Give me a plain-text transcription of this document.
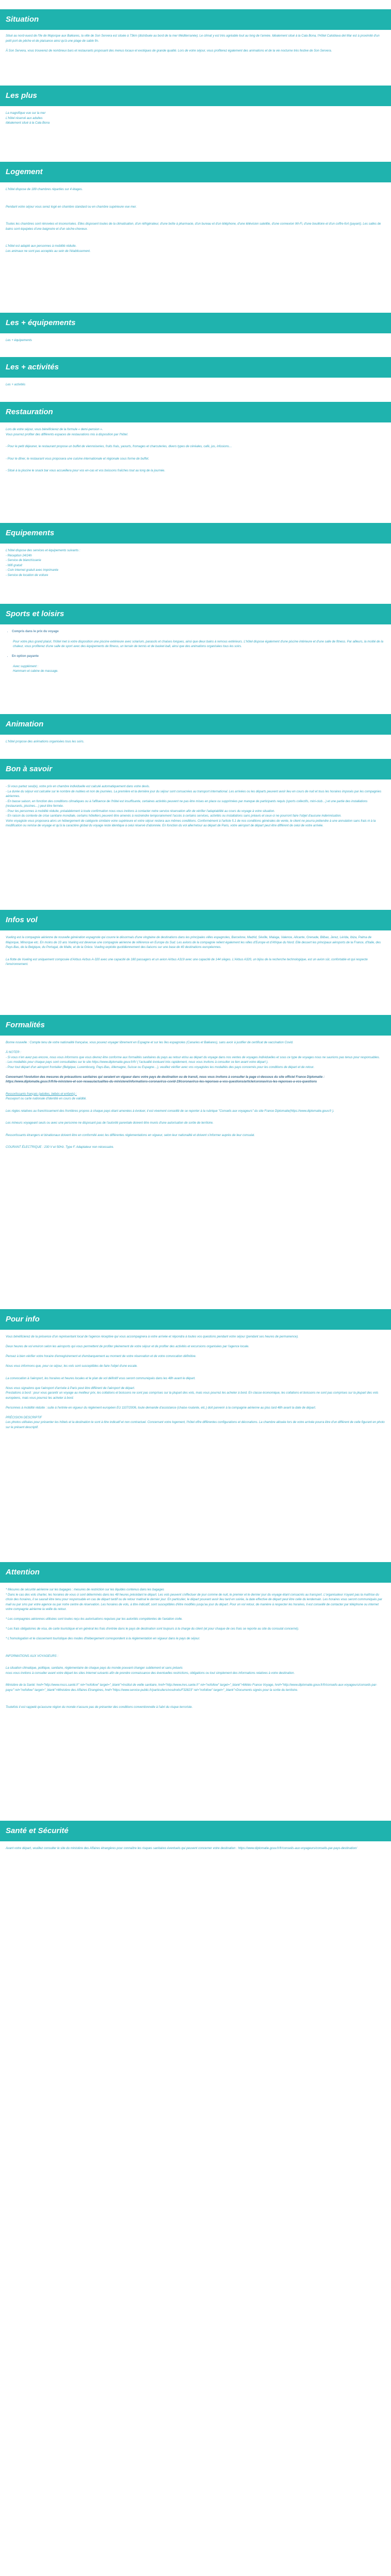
Situation

Situé au nord-ouest de l'île de Majorque aux Baléares, la ville de Son Servera est située à 73km (distribuée au bord de la mer Méditerranée). Le climat y est très agréable tout au long de l'année. Idéalement situé à la Cala Bona, l'Hôtel Caloblava del Mar est à proximité d'un petit port de pêche et de plaisance ainsi qu'à une plage de sable fin.

À Son Servera, vous trouverez de nombreux bars et restaurants proposant des menus locaux et exotiques de grande qualité. Lors de votre séjour, vous profiterez également des animations et de la vie nocturne très festive de Son Servera.

Les plus

La magnifique vue sur la mer

L'hôtel réservé aux adultes

Idéalement situé à la Cala Bona

Logement

L'hôtel dispose de 189 chambres réparties sur 4 étages.

Pendant votre séjour vous serez logé en chambre standard ou en chambre supérieure vue mer.

Toutes les chambres sont rénovées et insonorisées. Elles disposent toutes de la climatisation, d'un réfrigérateur, d'une boîte à pharmacie, d'un bureau et d'un téléphone, d'une télévision satellite, d'une connexion Wi-Fi, d'une bouilloire et d'un coffre-fort (payant). Les salles de bains sont équipées d'une baignoire et d'un sèche-cheveux.

L'hôtel est adapté aux personnes à mobilité réduite.

Les animaux ne sont pas acceptés au sein de l'établissement.

Les + équipements

Les + équipements

Les + activités

Les + activités

Restauration

Lors de votre séjour, vous bénéficierez de la formule « demi-pension ».

Vous pourrez profiter des différents espaces de restaurations mis à disposition par l'hôtel.

- Pour le petit déjeuner, le restaurant propose un buffet de viennoiseries, fruits frais, yaourts, fromages et charcuteries, divers types de céréales, café, jus, infusions…

- Pour le dîner, le restaurant vous proposera une cuisine internationale et régionale sous forme de buffet.

- Situé à la piscine le snack bar vous accueillera pour vos en-cas et vos boissons fraîches tout au long de la journée.

Equipements

L'hôtel dispose des services et équipements suivants :

- Réception 24/24h

- Service de blanchisserie

- Wifi gratuit

- Coin Internet gratuit avec imprimante

- Service de location de voiture

Sports et loisirs
• Compris dans le prix du voyage

Pour votre plus grand plaisir, l'hôtel met à votre disposition une piscine extérieure avec solarium, parasols et chaises longues, ainsi que deux bains à remous extérieurs. L'hôtel dispose également d'une piscine intérieure et d'une salle de fitness. Par ailleurs, la moitié de la chaleur, vous profiterez d'une salle de sport avec des équipements de fitness, un terrain de tennis et de basket-ball, ainsi que des animations organisées tous les soirs.

• En option payante

Avec supplément :

Hammam et cabine de massage.

Animation

L'hôtel propose des animations organisées tous les soirs.

Bon à savoir

- Si vous partez seul(e), votre prix en chambre individuelle est calculé automatiquement dans votre devis.

- La durée du séjour est calculée sur le nombre de nuitées et non de journées. La première et la dernière jour du séjour sont consacrées au transport international. Les arrivées ou les départs peuvent avoir lieu en cours de nuit et tous les horaires imposés par les compagnies aériennes.

- En basse saison, en fonction des conditions climatiques ou à l'affluence de l'hôtel est insuffisante, certaines activités peuvent ne pas être mises en place ou supprimées par manque de participants requis (sports collectifs, mini-club…) et une partie des installations (restaurants, piscines…) peut être fermée.

- Pour les personnes à mobilité réduite, préalablement à toute confirmation nous vous invitons à contacter notre service réservation afin de vérifier l'adaptabilité au cours du voyage à votre situation.

- En raison du contexte de crise sanitaire mondiale, certains hôtelliers peuvent être amenés à restreindre temporairement l'accès à certains services, activités ou installations sans préavis et ceux-ci ne pourront faire l'objet d'aucune indemnisation.

Votre voyagiste vous proposera alors un hébergement de catégorie similaire voire supérieure et votre séjour restera aux mêmes conditions. Conformément à l'article 5.1 de nos conditions générales de vente, le client ne pourra prétendre à une annulation sans frais ni à la modification ou remise de voyage et qu'à la caractère global du voyage reste identique à celui réservé d'abonnée. En fonction du vol aller/retour au départ de Paris, votre aéroport de départ peut être différent de celui de votre arrivée.

Infos vol

Vueling est la compagnie aérienne de nouvelle génération espagnole qui couvre le désormais d'une vingtaine de destinations dans les principales villes espagnoles, Barcelone, Madrid, Séville, Malaga, Valence, Alicante, Grenade, Bilbao, Jerez, Lérida, Ibiza, Palma de Majorque, Minorque etc. En moins de 10 ans Vueling est devenue une compagnie aérienne de référence en Europe du Sud. Les avions de la compagnie relient également les villes d'Europe et d'Afrique du Nord. Elle dessert les principaux aéroports de la France, d'Italie, des Pays-Bas, de la Belgique, du Portugal, de Malte, et de la Grèce. Vueling exploite quotidiennement des liaisons sur une base de 40 destinations européennes.

La flotte de Vueling est uniquement composée d'Airbus Airbus A-320 avec une capacité de 180 passagers et un avion Airbus A319 avec une capacité de 144 sièges. L'Airbus A320, un bijou de la recherche technologique, est un avion sûr, confortable et qui respecte l'environnement.

Formalités

Bonne nouvelle : Compte tenu de votre nationalité française, vous pouvez voyager librement en Espagne et sur les îles espagnoles (Canaries et Baléares), sans avoir à justifier de certificat de vaccination Covid.

À NOTER :

- Si vous n'en avez pas encore, nous vous informons que vous devrez être conforme aux formalités sanitaires du pays au retour et/ou au départ du voyage dans nos ventes de voyages individuelles et sous ce type de voyages nous ne saurions pas tenus pour responsables.

- Les modalités pour chaque pays sont consultables sur le site https://www.diplomatie.gouv.fr/fr/ ( l'actualité évoluant très rapidement, nous vous invitons à consulter ce lien avant votre départ ).

- Pour tout départ d'un aéroport frontalier (Belgique, Luxembourg, Pays-Bas, Allemagne, Suisse ou Espagne…), veuillez vérifier avec vos voyagistes les modalités des pays concernés pour les conditions de départ et de retour.

Concernant l'évolution des mesures de précautions sanitaires qui seraient en vigueur dans votre pays de destination ou de transit, nous vous invitons à consulter la page ci-dessous du site officiel France Diplomatie :

https://www.diplomatie.gouv.fr/fr/le-ministere-et-son-reseau/actualites-du-ministere/informations-coronavirus-covid-19/coronavirus-les-reponses-a-vos-questions/article/coronavirus-les-reponses-a-vos-questions

Ressortissants français (adultes, bébés et enfants) :

Passeport ou carte nationale d'identité en cours de validité.

Les règles relatives au franchissement des frontières propres à chaque pays étant amenées à évoluer, il est vivement conseillé de se reporter à la rubrique "Conseils aux voyageurs" du site France Diplomatie(https://www.diplomatie.gouv.fr ).

Les mineurs voyageant seuls ou avec une personne ne disposant pas de l'autorité parentale doivent être munis d'une autorisation de sortie de territoire.

Ressortissants étrangers et binationaux doivent être en conformité avec les différentes réglementations en vigueur, selon leur nationalité et doivent s'informer auprès de leur consulat.

COURANT ÉLECTRIQUE : 230 V et 50Hz. Type F. Adaptateur non nécessaire.

Pour info

Vous bénéficierez de la présence d'un représentant local de l'agence réceptive qui vous accompagnera à votre arrivée et répondra à toutes vos questions pendant votre séjour (pendant ses heures de permanence).

Deux heures de vol environ selon les aéroports qui vous permettent de profiter pleinement de votre séjour et de profiter des activités et excursions organisées par l'agence locale.

Pensez à bien vérifier votre horaire d'enregistrement et d'embarquement au moment de votre réservation et de votre convocation définitive.

Nous vous informons que, pour ce séjour, les vols sont susceptibles de faire l'objet d'une escale.

La convocation à l'aéroport, les horaires et heures locales et le plan de vol définitif vous seront communiqués dans les 48h avant le départ.

Nous vous signalons que l'aéroport d'arrivée à Paris peut être différent de l'aéroport de départ.

Prestations à bord : pour vous garantir un voyage au meilleur prix, les collations et boissons ne sont pas comprises sur la plupart des vols, mais vous pourrez les acheter à bord. En classe économique, les collations et boissons ne sont pas comprises sur la plupart des vols européens, mais vous pourrez les acheter à bord.

Personnes à mobilité réduite : suite à l'entrée en vigueur du règlement européen EU 1107/2006, toute demande d'assistance (chaise roulante, etc.) doit parvenir à la compagnie aérienne au plus tard 48h avant la date de départ.

PRÉCISION DESCRIPTIF

Les photos utilisées pour présenter les hôtels et la destination le sont à titre indicatif et non contractuel. Concernant votre logement, l'hôtel offre différentes configurations et décorations. La chambre allouée lors de votre arrivée pourra être d'un différent de celle figurant en photo sur le présent descriptif.

Attention

* Mesures de sécurité aérienne sur les bagages : mesures de restriction sur les liquides contenus dans les bagages

* Dans le cas des vols charter, les horaires de vous ci sont déterminés dans les 48 heures précédant le départ. Les vols peuvent s'effectuer de jour comme de nuit, le premier et le dernier jour du voyage étant consacrés au transport. L'organisateur n'ayant pas la maîtrise du choix des horaires, il se saurait être tenu pour responsable en cas de départ tardif ou de retour matinal le dernier jour. En particulier, le départ pouvant avoir lieu tard en soirée, la date effective de départ peut être celle du lendemain. Les horaires vous seront communiqués par mail ou par sms par votre agence ou par notre centre de réservation. Les horaires de vols, à titre indicatif, sont susceptibles d'être modifiés jusqu'au jour du départ. Pour un vol retour, de manière à respecter les horaires, il est conseillé de contacter par téléphone ou internet votre compagnie aérienne la veille du retour.

* Les compagnies aériennes utilisées sont toutes reçu les autorisations requises par les autorités compétentes de l'aviation civile.

* Les frais obligatoires de visa, de carte touristique et en général les frais d'entrée dans le pays de destination sont toujours à la charge du client (et pour chaque de ces frais se reporte au site du consulat concerné).

* L'homologation et le classement touristique des modes d'hébergement correspondent à la réglementation en vigueur dans le pays de séjour.

INFORMATIONS AUX VOYAGEURS :

La situation climatique, politique, sanitaire, réglementaire de chaque pays du monde pouvant changer subitement et sans préavis

nous vous invitons à consulter avant votre départ les sites Internet suivants afin de prendre connaissance des éventuelles restrictions, obligations ou tout simplement des informations relatives à votre destination.

Ministère de la Santé: href="http://www.mscs.santé.fr" rel="nofollow" target="_blank">Institut de veille sanitaire, href="http://www.invs.sante.fr" rel="nofollow" target="_blank">Météo France Voyage, href="http://www.diplomatie.gouv.fr/fr/conseils-aux-voyageurs/conseils-par-pays/" rel="nofollow" target="_blank">Ministère des Affaires Etrangères, href="https://www.service-public.fr/particuliers/vosdroits/F32823" rel="nofollow" target="_blank">Documents signés pour la sortie du territoire.

Toutefois il est rappelé qu'aucune région du monde n'assure pas de présenter des conditions conventionnelle à l'abri du risque terroriste.

Santé et Sécurité

Avant votre départ, veuillez consulter le site du ministère des Affaires étrangères pour connaître les risques sanitaires éventuels qui peuvent concerner votre destination : https://www.diplomatie.gouv.fr/fr/conseils-aux-voyageurs/conseils-par-pays-destination/
